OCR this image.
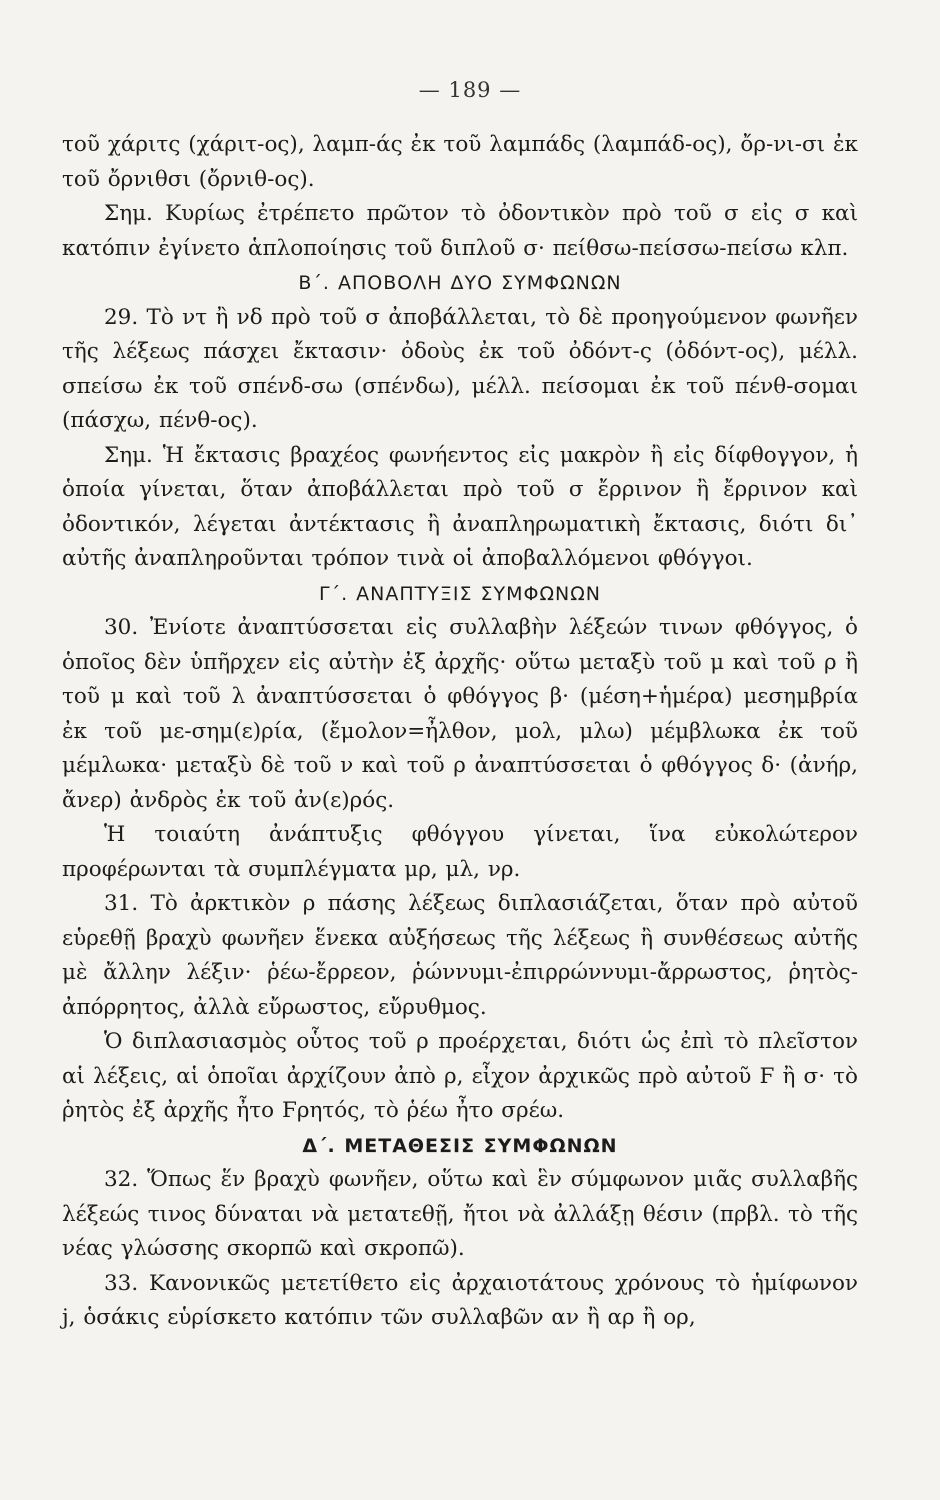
— 189 —

τοῦ χάριτς (χάριτ-ος), λαμπ-άς ἐκ τοῦ λαμπάδς (λαμπάδ-ος), ὄρ-νι-σι ἐκ τοῦ ὄρνιθσι (ὄρνιθ-ος).

Σημ. Κυρίως ἐτρέπετο πρῶτον τὸ ὀδοντικὸν πρὸ τοῦ σ εἰς σ καὶ κατόπιν ἐγίνετο ἁπλοποίησις τοῦ διπλοῦ σ· πείθσω-πείσσω-πείσω κλπ.

Β΄. ΑΠΟΒΟΛΗ ΔΥΟ ΣΥΜΦΩΝΩΝ

29. Τὸ ντ ἢ νδ πρὸ τοῦ σ ἀποβάλλεται, τὸ δὲ προηγούμενον φωνῆεν τῆς λέξεως πάσχει ἔκτασιν· ὀδοὺς ἐκ τοῦ ὀδόντ-ς (ὀδόντ-ος), μέλλ. σπείσω ἐκ τοῦ σπένδ-σω (σπένδω), μέλλ. πείσομαι ἐκ τοῦ πένθ-σομαι (πάσχω, πένθ-ος).

Σημ. Ἡ ἔκτασις βραχέος φωνήεντος εἰς μακρὸν ἢ εἰς δίφθογγον, ἡ ὁποία γίνεται, ὅταν ἀποβάλλεται πρὸ τοῦ σ ἔρρινον ἢ ἔρρινον καὶ ὀδοντικόν, λέγεται ἀντέκτασις ἢ ἀναπληρωματικὴ ἔκτασις, διότι δι᾽ αὐτῆς ἀναπληροῦνται τρόπον τινὰ οἱ ἀποβαλλόμενοι φθόγγοι.

Γ΄. ΑΝΑΠΤΥΞΙΣ ΣΥΜΦΩΝΩΝ

30. Ἐνίοτε ἀναπτύσσεται εἰς συλλαβὴν λέξεών τινων φθόγγος, ὁ ὁποῖος δὲν ὑπῆρχεν εἰς αὐτὴν ἐξ ἀρχῆς· οὕτω μεταξὺ τοῦ μ καὶ τοῦ ρ ἢ τοῦ μ καὶ τοῦ λ ἀναπτύσσεται ὁ φθόγγος β· (μέση+ἡμέρα) μεσημβρία ἐκ τοῦ με-σημ(ε)ρία, (ἔμολον=ἦλθον, μολ, μλω) μέμβλωκα ἐκ τοῦ μέμλωκα· μεταξὺ δὲ τοῦ ν καὶ τοῦ ρ ἀναπτύσσεται ὁ φθόγγος δ· (ἀνήρ, ἄνερ) ἀνδρὸς ἐκ τοῦ ἀν(ε)ρός.

Ἡ τοιαύτη ἀνάπτυξις φθόγγου γίνεται, ἵνα εὐκολώτερον προφέρωνται τὰ συμπλέγματα μρ, μλ, νρ.

31. Τὸ ἀρκτικὸν ρ πάσης λέξεως διπλασιάζεται, ὅταν πρὸ αὐτοῦ εὑρεθῇ βραχὺ φωνῆεν ἕνεκα αὐξήσεως τῆς λέξεως ἢ συνθέσεως αὐτῆς μὲ ἄλλην λέξιν· ῥέω-ἔρρεον, ῥώννυμι-ἐπιρρώννυμι-ἄρρωστος, ῥητὸς-ἀπόρρητος, ἀλλὰ εὔρωστος, εὔρυθμος.

Ὁ διπλασιασμὸς οὗτος τοῦ ρ προέρχεται, διότι ὡς ἐπὶ τὸ πλεῖστον αἱ λέξεις, αἱ ὁποῖαι ἀρχίζουν ἀπὸ ρ, εἶχον ἀρχικῶς πρὸ αὐτοῦ Ϝ ἢ σ· τὸ ῥητὸς ἐξ ἀρχῆς ἦτο Ϝρητός, τὸ ῥέω ἦτο σρέω.

Δ΄. ΜΕΤΑΘΕΣΙΣ ΣΥΜΦΩΝΩΝ

32. Ὅπως ἕν βραχὺ φωνῆεν, οὕτω καὶ ἓν σύμφωνον μιᾶς συλλαβῆς λέξεώς τινος δύναται νὰ μετατεθῇ, ἤτοι νὰ ἀλλάξῃ θέσιν (πρβλ. τὸ τῆς νέας γλώσσης σκορπῶ καὶ σκροπῶ).

33. Κανονικῶς μετετίθετο εἰς ἀρχαιοτάτους χρόνους τὸ ἡμίφωνον j, ὁσάκις εὑρίσκετο κατόπιν τῶν συλλαβῶν αν ἢ αρ ἢ ορ,
